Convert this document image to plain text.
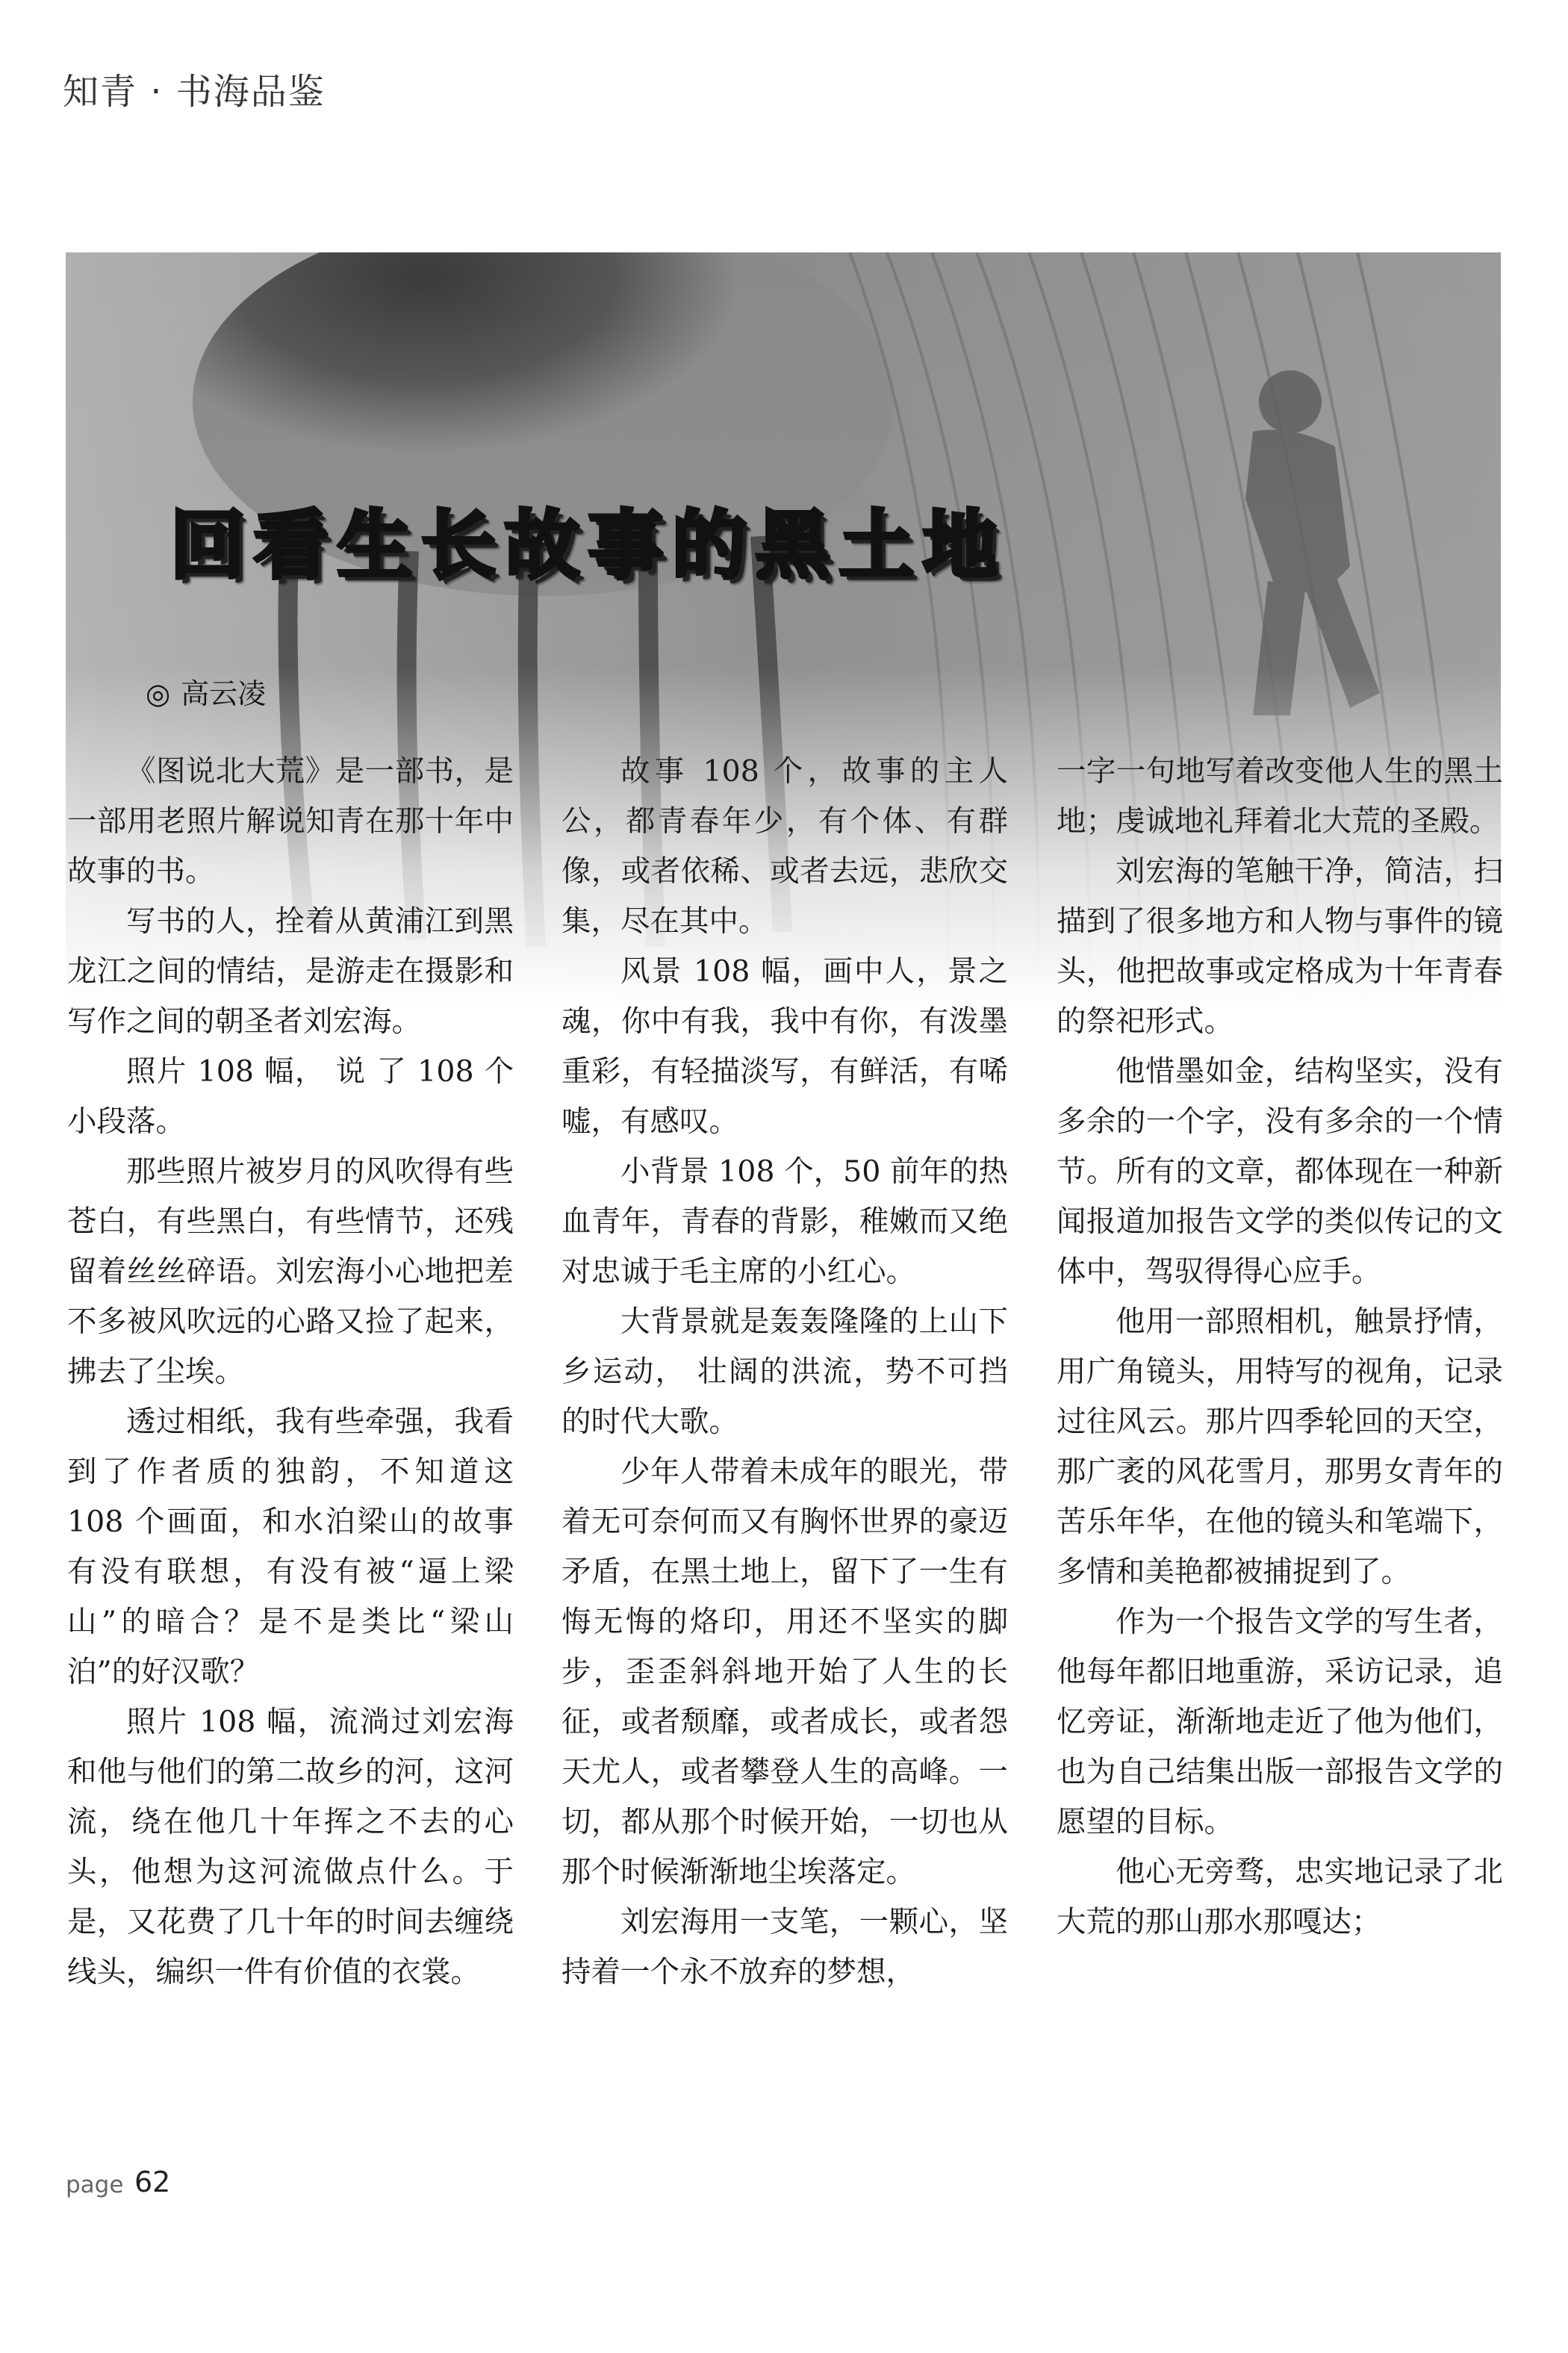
知青 · 书海品鉴
回看生长故事的黑土地
◎ 高云凌

《图说北大荒》是一部书，是一部用老照片解说知青在那十年中故事的书。

写书的人，拴着从黄浦江到黑龙江之间的情结，是游走在摄影和写作之间的朝圣者刘宏海。

照片 108 幅， 说 了 108 个小段落。

那些照片被岁月的风吹得有些苍白，有些黑白，有些情节，还残留着丝丝碎语。刘宏海小心地把差不多被风吹远的心路又捡了起来，拂去了尘埃。

透过相纸，我有些牵强，我看到了作者质的独韵，不知道这 108 个画面，和水泊梁山的故事有没有联想，有没有被“逼上梁山”的暗合？是不是类比“梁山泊”的好汉歌？

照片 108 幅，流淌过刘宏海和他与他们的第二故乡的河，这河流，绕在他几十年挥之不去的心头，他想为这河流做点什么。于是，又花费了几十年的时间去缠绕线头，编织一件有价值的衣裳。

故事 108 个，故事的主人公，都青春年少，有个体、有群像，或者依稀、或者去远，悲欣交集，尽在其中。

风景 108 幅，画中人，景之魂，你中有我，我中有你，有泼墨重彩，有轻描淡写，有鲜活，有唏嘘，有感叹。

小背景 108 个，50 前年的热血青年，青春的背影，稚嫩而又绝对忠诚于毛主席的小红心。

大背景就是轰轰隆隆的上山下乡运动， 壮阔的洪流，势不可挡的时代大歌。

少年人带着未成年的眼光，带着无可奈何而又有胸怀世界的豪迈矛盾，在黑土地上，留下了一生有悔无悔的烙印，用还不坚实的脚步，歪歪斜斜地开始了人生的长征，或者颓靡，或者成长，或者怨天尤人，或者攀登人生的高峰。一切，都从那个时候开始，一切也从那个时候渐渐地尘埃落定。

刘宏海用一支笔，一颗心，坚持着一个永不放弃的梦想，

一字一句地写着改变他人生的黑土地；虔诚地礼拜着北大荒的圣殿。

刘宏海的笔触干净，简洁，扫描到了很多地方和人物与事件的镜头，他把故事或定格成为十年青春的祭祀形式。

他惜墨如金，结构坚实，没有多余的一个字，没有多余的一个情节。所有的文章，都体现在一种新闻报道加报告文学的类似传记的文体中，驾驭得得心应手。

他用一部照相机，触景抒情，用广角镜头，用特写的视角，记录过往风云。那片四季轮回的天空，那广袤的风花雪月，那男女青年的苦乐年华，在他的镜头和笔端下，多情和美艳都被捕捉到了。

作为一个报告文学的写生者，他每年都旧地重游，采访记录，追忆旁证，渐渐地走近了他为他们，也为自己结集出版一部报告文学的愿望的目标。

他心无旁骛，忠实地记录了北大荒的那山那水那嘎达；

page 62
